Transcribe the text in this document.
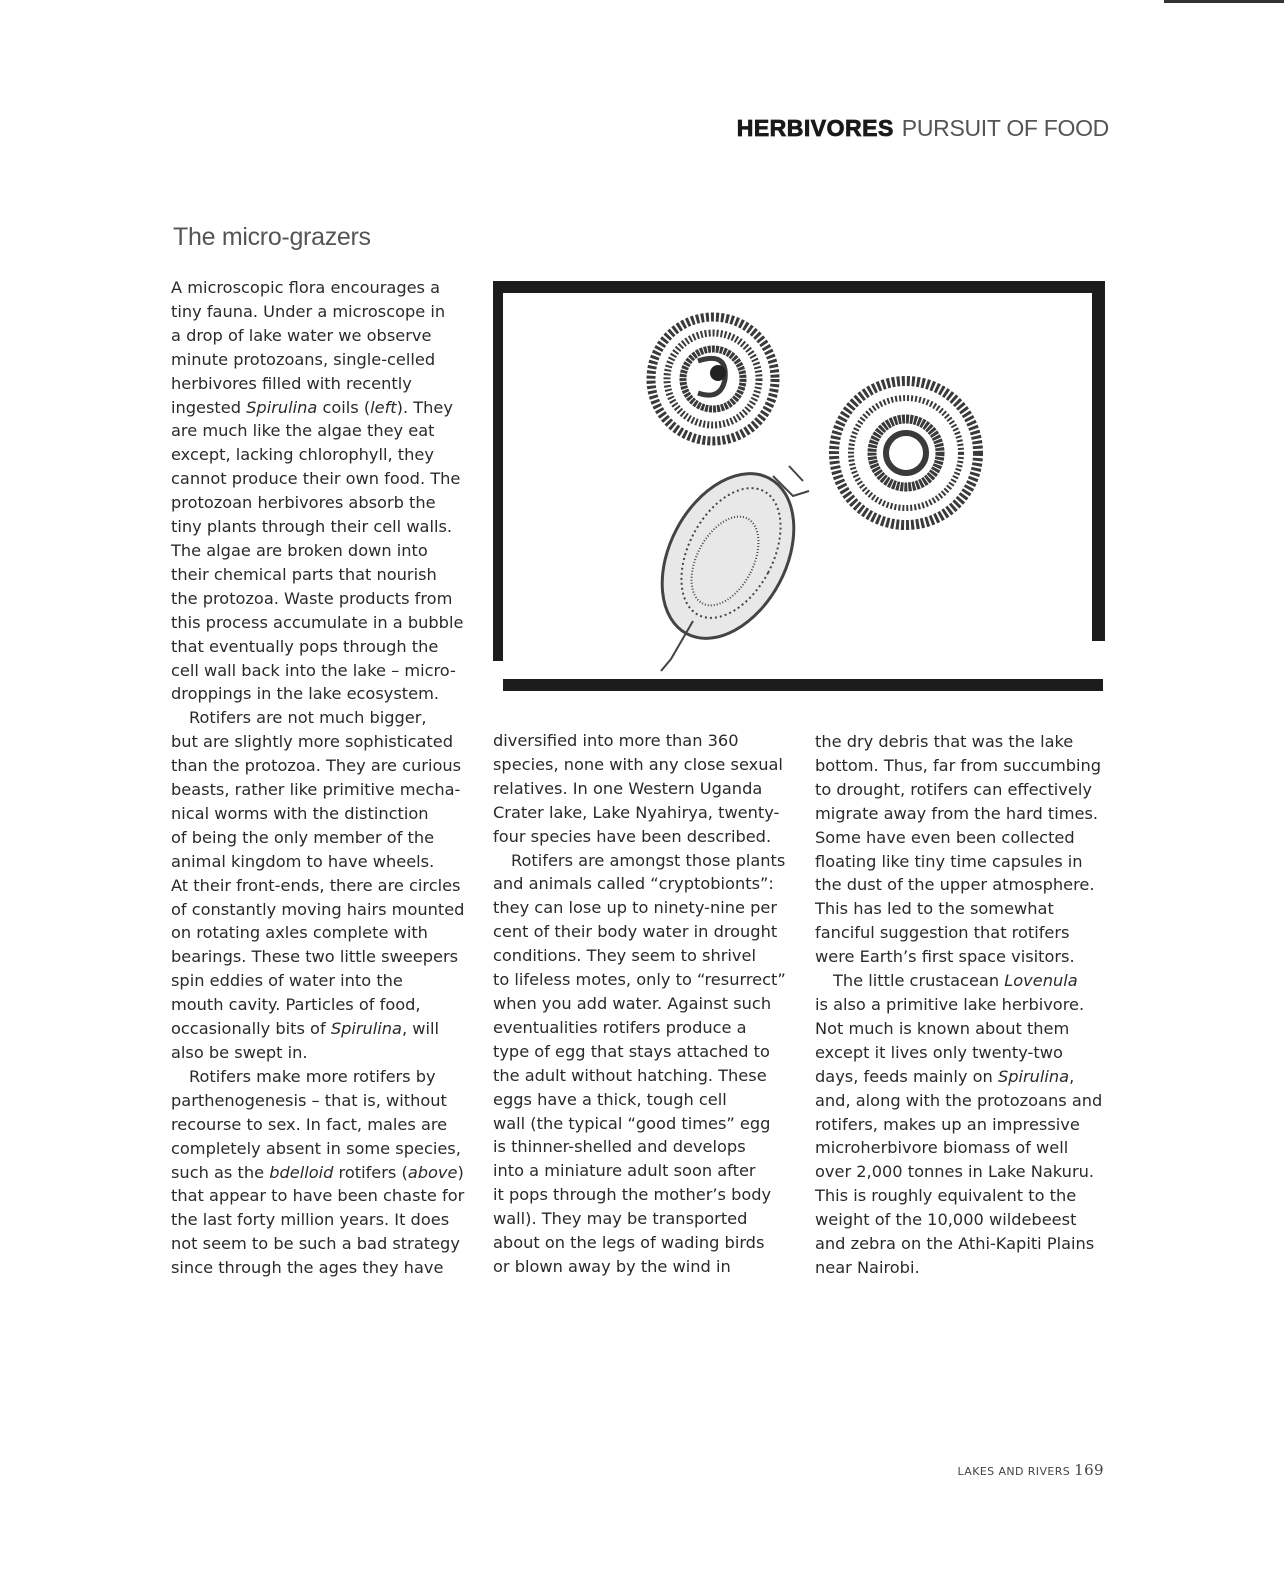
HERBIVORES PURSUIT OF FOOD
The micro-grazers

A microscopic flora encourages a

tiny fauna. Under a microscope in

a drop of lake water we observe

minute protozoans, single-celled

herbivores filled with recently

ingested Spirulina coils (left). They

are much like the algae they eat

except, lacking chlorophyll, they

cannot produce their own food. The

protozoan herbivores absorb the

tiny plants through their cell walls.

The algae are broken down into

their chemical parts that nourish

the protozoa. Waste products from

this process accumulate in a bubble

that eventually pops through the

cell wall back into the lake – micro-

droppings in the lake ecosystem.

Rotifers are not much bigger,

but are slightly more sophisticated

than the protozoa. They are curious

beasts, rather like primitive mecha-

nical worms with the distinction

of being the only member of the

animal kingdom to have wheels.

At their front-ends, there are circles

of constantly moving hairs mounted

on rotating axles complete with

bearings. These two little sweepers

spin eddies of water into the

mouth cavity. Particles of food,

occasionally bits of Spirulina, will

also be swept in.

Rotifers make more rotifers by

parthenogenesis – that is, without

recourse to sex. In fact, males are

completely absent in some species,

such as the bdelloid rotifers (above)

that appear to have been chaste for

the last forty million years. It does

not seem to be such a bad strategy

since through the ages they have

diversified into more than 360

species, none with any close sexual

relatives. In one Western Uganda

Crater lake, Lake Nyahirya, twenty-

four species have been described.

Rotifers are amongst those plants

and animals called “cryptobionts”:

they can lose up to ninety-nine per

cent of their body water in drought

conditions. They seem to shrivel

to lifeless motes, only to “resurrect”

when you add water. Against such

eventualities rotifers produce a

type of egg that stays attached to

the adult without hatching. These

eggs have a thick, tough cell

wall (the typical “good times” egg

is thinner-shelled and develops

into a miniature adult soon after

it pops through the mother’s body

wall). They may be transported

about on the legs of wading birds

or blown away by the wind in

the dry debris that was the lake

bottom. Thus, far from succumbing

to drought, rotifers can effectively

migrate away from the hard times.

Some have even been collected

floating like tiny time capsules in

the dust of the upper atmosphere.

This has led to the somewhat

fanciful suggestion that rotifers

were Earth’s first space visitors.

The little crustacean Lovenula

is also a primitive lake herbivore.

Not much is known about them

except it lives only twenty-two

days, feeds mainly on Spirulina,

and, along with the protozoans and

rotifers, makes up an impressive

microherbivore biomass of well

over 2,000 tonnes in Lake Nakuru.

This is roughly equivalent to the

weight of the 10,000 wildebeest

and zebra on the Athi-Kapiti Plains

near Nairobi.

LAKES AND RIVERS 169
